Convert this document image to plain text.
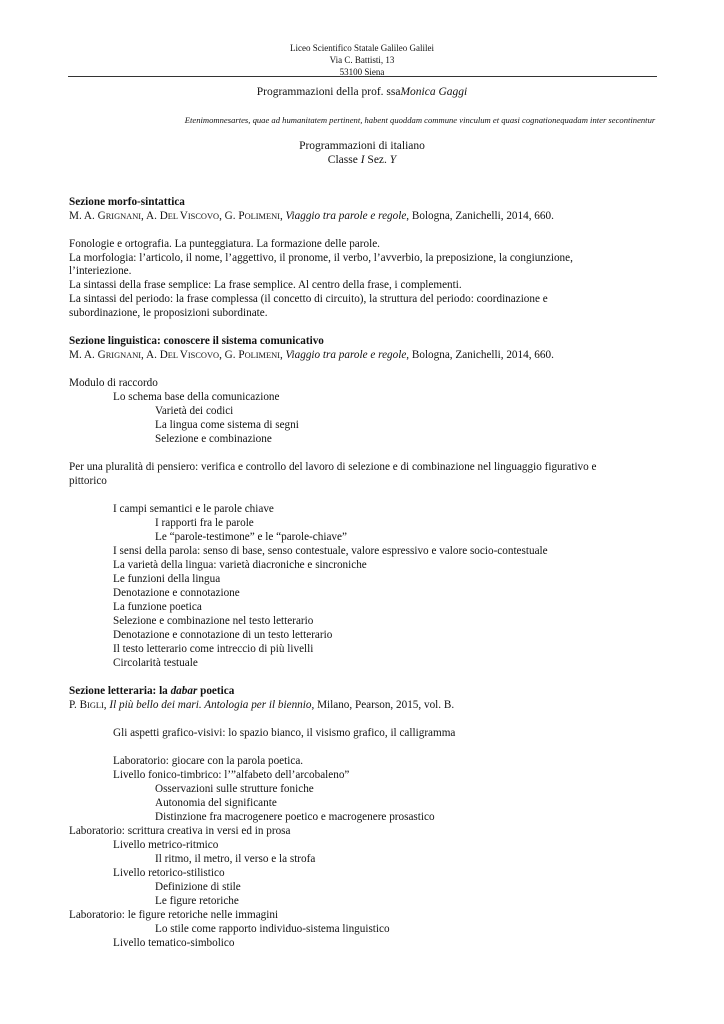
Liceo Scientifico Statale Galileo Galilei
Via C. Battisti, 13
53100 Siena
Programmazioni della prof. ssaMonica Gaggi
Etenimomnesartes, quae ad humanitatem pertinent, habent quoddam commune vinculum et quasi cognationequadam inter secontinentur
Programmazioni di italiano
Classe I Sez. Y
Sezione morfo-sintattica
M. A. GRIGNANI, A. DEL VISCOVO, G. POLIMENI, Viaggio tra parole e regole, Bologna, Zanichelli, 2014, 660.
Fonologie e ortografia. La punteggiatura. La formazione delle parole.
La morfologia: l’articolo, il nome, l’aggettivo, il pronome, il verbo, l’avverbio, la preposizione, la congiunzione,
l’interiezione.
La sintassi della frase semplice: La frase semplice. Al centro della frase, i complementi.
La sintassi del periodo: la frase complessa (il concetto di circuito), la struttura del periodo: coordinazione e
subordinazione, le proposizioni subordinate.
Sezione linguistica: conoscere il sistema comunicativo
M. A. GRIGNANI, A. DEL VISCOVO, G. POLIMENI, Viaggio tra parole e regole, Bologna, Zanichelli, 2014, 660.
Modulo di raccordo
Lo schema base della comunicazione
Varietà dei codici
La lingua come sistema di segni
Selezione e combinazione
Per una pluralità di pensiero: verifica e controllo del lavoro di selezione e di combinazione nel linguaggio figurativo e
pittorico
I campi semantici e le parole chiave
I rapporti fra le parole
Le “parole-testimone” e le “parole-chiave”
I sensi della parola: senso di base, senso contestuale, valore espressivo e valore socio-contestuale
La varietà della lingua: varietà diacroniche e sincroniche
Le funzioni della lingua
Denotazione e connotazione
La funzione poetica
Selezione e combinazione nel testo letterario
Denotazione e connotazione di un testo letterario
Il testo letterario come intreccio di più livelli
Circolarità testuale
Sezione letteraria: la dabar poetica
P. BIGLI, Il più bello dei mari. Antologia per il biennio, Milano, Pearson, 2015, vol. B.
Gli aspetti grafico-visivi: lo spazio bianco, il visismo grafico, il calligramma
Laboratorio: giocare con la parola poetica.
Livello fonico-timbrico: l’”alfabeto dell’arcobaleno”
Osservazioni sulle strutture foniche
Autonomia del significante
Distinzione fra macrogenere poetico e macrogenere prosastico
Laboratorio: scrittura creativa in versi ed in prosa
Livello metrico-ritmico
Il ritmo, il metro, il verso e la strofa
Livello retorico-stilistico
Definizione di stile
Le figure retoriche
Laboratorio: le figure retoriche nelle immagini
Lo stile come rapporto individuo-sistema linguistico
Livello tematico-simbolico
